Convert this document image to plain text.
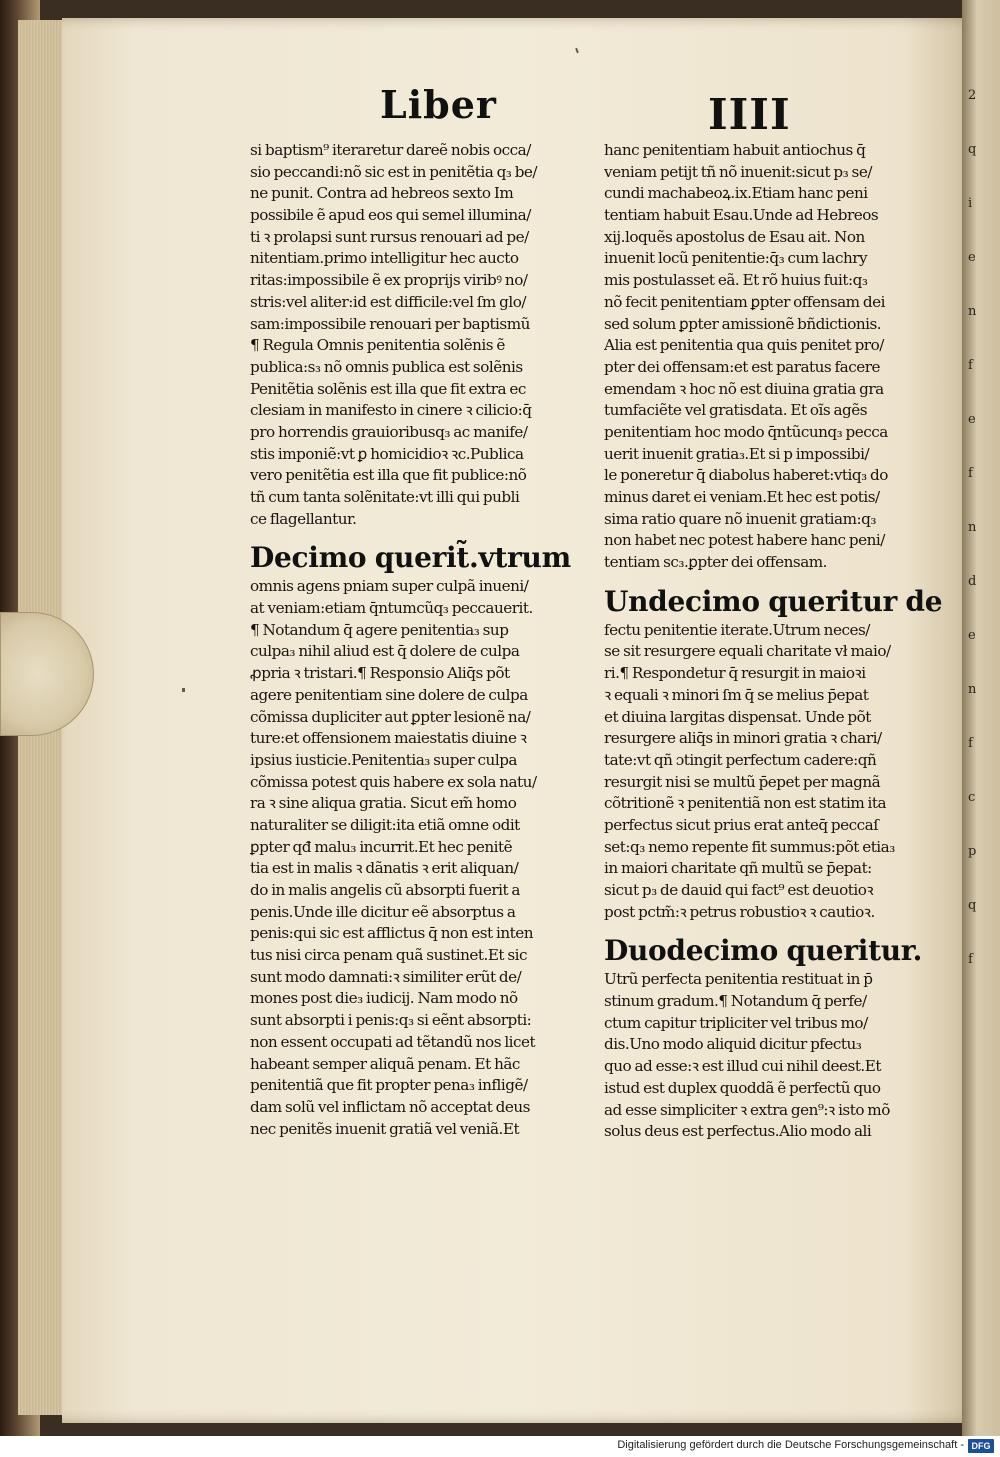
2
q
i
e
n
f
e
f
n
d
e
n
f
c
p
q
f
Liber	IIII
si baptism⁹ iteraretur dareẽ nobis occa/
sio peccandi:nõ sic est in penitẽtia q₃ be/
ne punit. Contra ad hebreos sexto Im
possibile ẽ apud eos qui semel illumina/
ti ꝛ prolapsi sunt rursus renouari ad pe/
nitentiam.primo intelligitur hec aucto
ritas:impossibile ẽ ex proprijs viribꝰ no/
stris:vel aliter:id est difficile:vel ſm glo/
sam:impossibile renouari per baptismũ
¶ Regula Omnis penitentia solẽnis ẽ
publica:s₃ nõ omnis publica est solẽnis
Penitẽtia solẽnis est illa que fit extra ec
clesiam in manifesto in cinere ꝛ cilicio:q̄
pro horrendis grauioribusq₃ ac manife/
stis imponiẽ:vt ꝑ homicidioꝛ ꝛc.Publica
vero penitẽtia est illa que fit publice:nõ
tñ cum tanta solẽnitate:vt illi qui publi
ce flagellantur.
Decimo querit̃.vtrum
omnis agens pniam super culpã inueni/
at veniam:etiam q̄ntumcũq₃ peccauerit.
¶ Notandum q̄ agere penitentia₃ sup
culpa₃ nihil aliud est q̄ dolere de culpa
ꝓpria ꝛ tristari.¶ Responsio Aliq̄s põt
agere penitentiam sine dolere de culpa
cõmissa dupliciter aut ꝑpter lesionẽ na/
ture:et offensionem maiestatis diuine ꝛ
ipsius iusticie.Penitentia₃ super culpa
cõmissa potest quis habere ex sola natu/
ra ꝛ sine aliqua gratia. Sicut em̃ homo
naturaliter se diligit:ita etiã omne odit
ꝑpter qđ malu₃ incurrit.Et hec penitẽ
tia est in malis ꝛ dãnatis ꝛ erit aliquan/
do in malis angelis cũ absorpti fuerit a
penis.Unde ille dicitur eẽ absorptus a
penis:qui sic est afflictus q̄ non est inten
tus nisi circa penam quã sustinet.Et sic
sunt modo damnati:ꝛ similiter erũt de/
mones post die₃ iudicij. Nam modo nõ
sunt absorpti i penis:q₃ si eẽnt absorpti:
non essent occupati ad tẽtandũ nos licet
habeant semper aliquã penam. Et hãc
penitentiã que fit propter pena₃ infligẽ/
dam solũ vel inflictam nõ acceptat deus
nec penitẽs inuenit gratiã vel veniã.Et
hanc penitentiam habuit antiochus q̄
veniam petijt tñ nõ inuenit:sicut p₃ se/
cundi machabeoꝝ.ix.Etiam hanc peni
tentiam habuit Esau.Unde ad Hebreos
xij.loquẽs apostolus de Esau ait. Non
inuenit locũ penitentie:q̄₃ cum lachry
mis postulasset eã. Et rõ huius fuit:q₃
nõ fecit penitentiam ꝑpter offensam dei
sed solum ꝑpter amissionẽ bñdictionis.
Alia est penitentia qua quis penitet pro/
pter dei offensam:et est paratus facere
emendam ꝛ hoc nõ est diuina gratia gra
tumfaciẽte vel gratisdata. Et oĩs agẽs
penitentiam hoc modo q̄ntũcunq₃ pecca
uerit inuenit gratia₃.Et si p impossibi/
le poneretur q̄ diabolus haberet:vtiq₃ do
minus daret ei veniam.Et hec est potis/
sima ratio quare nõ inuenit gratiam:q₃
non habet nec potest habere hanc peni/
tentiam sc₃.ꝑpter dei offensam.
Undecimo queritur de
fectu penitentie iterate.Utrum neces/
se sit resurgere equali charitate vł maio/
ri.¶ Respondetur q̄ resurgit in maioꝛi
ꝛ equali ꝛ minori ſm q̄ se melius p̄epat
et diuina largitas dispensat. Unde põt
resurgere aliq̄s in minori gratia ꝛ chari/
tate:vt qñ ɔtingit perfectum cadere:qñ
resurgit nisi se multũ p̄epet per magnã
cõtritionẽ ꝛ penitentiã non est statim ita
perfectus sicut prius erat anteq̄ peccaſ
set:q₃ nemo repente fit summus:põt etia₃
in maiori charitate qñ multũ se p̄epat:
sicut p₃ de dauid qui fact⁹ est deuotioꝛ
post pctm̃:ꝛ petrus robustioꝛ ꝛ cautioꝛ.
Duodecimo queritur.
Utrũ perfecta penitentia restituat in p̄
stinum gradum.¶ Notandum q̄ perfe/
ctum capitur tripliciter vel tribus mo/
dis.Uno modo aliquid dicitur pfectu₃
quo ad esse:ꝛ est illud cui nihil deest.Et
istud est duplex quoddã ẽ perfectũ quo
ad esse simpliciter ꝛ extra gen⁹:ꝛ isto mõ
solus deus est perfectus.Alio modo ali
Digitalisierung gefördert durch die Deutsche Forschungsgemeinschaft - DFG
